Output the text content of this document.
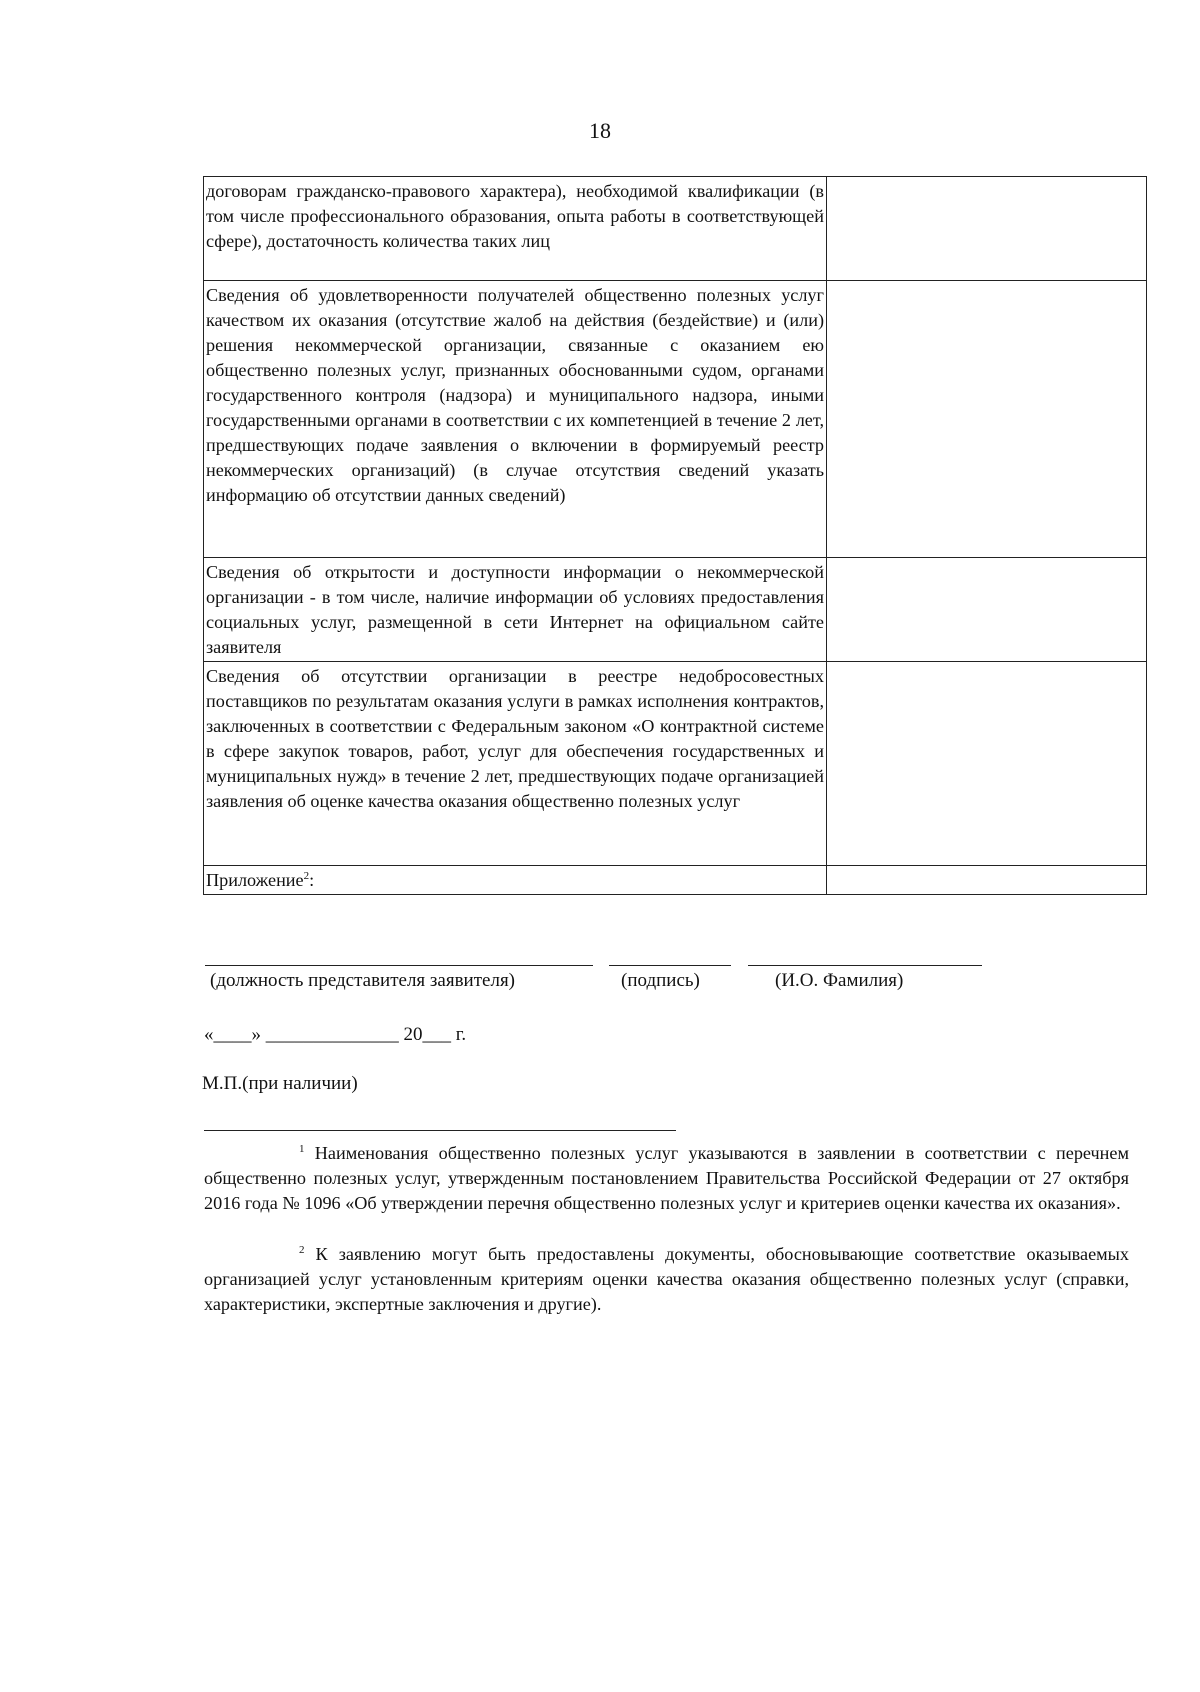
18
договорам гражданско-правового характера), необходимой квалификации (в том числе профессионального образования, опыта работы в соответствующей сфере), достаточность количества таких лиц	

Сведения об удовлетворенности получателей общественно полезных услуг качеством их оказания (отсутствие жалоб на действия (бездействие) и (или) решения некоммерческой организации, связанные с оказанием ею общественно полезных услуг, признанных обоснованными судом, органами государственного контроля (надзора) и муниципального надзора, иными государственными органами в соответствии с их компетенцией в течение 2 лет, предшествующих подаче заявления о включении в формируемый реестр некоммерческих организаций) (в случае отсутствия сведений указать информацию об отсутствии данных сведений)	

Сведения об открытости и доступности информации о некоммерческой организации - в том числе, наличие информации об условиях предоставления социальных услуг, размещенной в сети Интернет на официальном сайте заявителя	

Сведения об отсутствии организации в реестре недобросовестных поставщиков по результатам оказания услуги в рамках исполнения контрактов, заключенных в соответствии с Федеральным законом «О контрактной системе в сфере закупок товаров, работ, услуг для обеспечения государственных и муниципальных нужд» в течение 2 лет, предшествующих подаче организацией заявления об оценке качества оказания общественно полезных услуг	

Приложение$^2$:	
(должность представителя заявителя)	(подпись)	(И.О. Фамилия)
«____» ______________ 20___ г.
М.П.(при наличии)
$^1$ Наименования общественно полезных услуг указываются в заявлении в соответствии с перечнем общественно полезных услуг, утвержденным постановлением Правительства Российской Федерации от 27 октября 2016 года № 1096 «Об утверждении перечня общественно полезных услуг и критериев оценки качества их оказания».
$^2$ К заявлению могут быть предоставлены документы, обосновывающие соответствие оказываемых организацией услуг установленным критериям оценки качества оказания общественно полезных услуг (справки, характеристики, экспертные заключения и другие).
